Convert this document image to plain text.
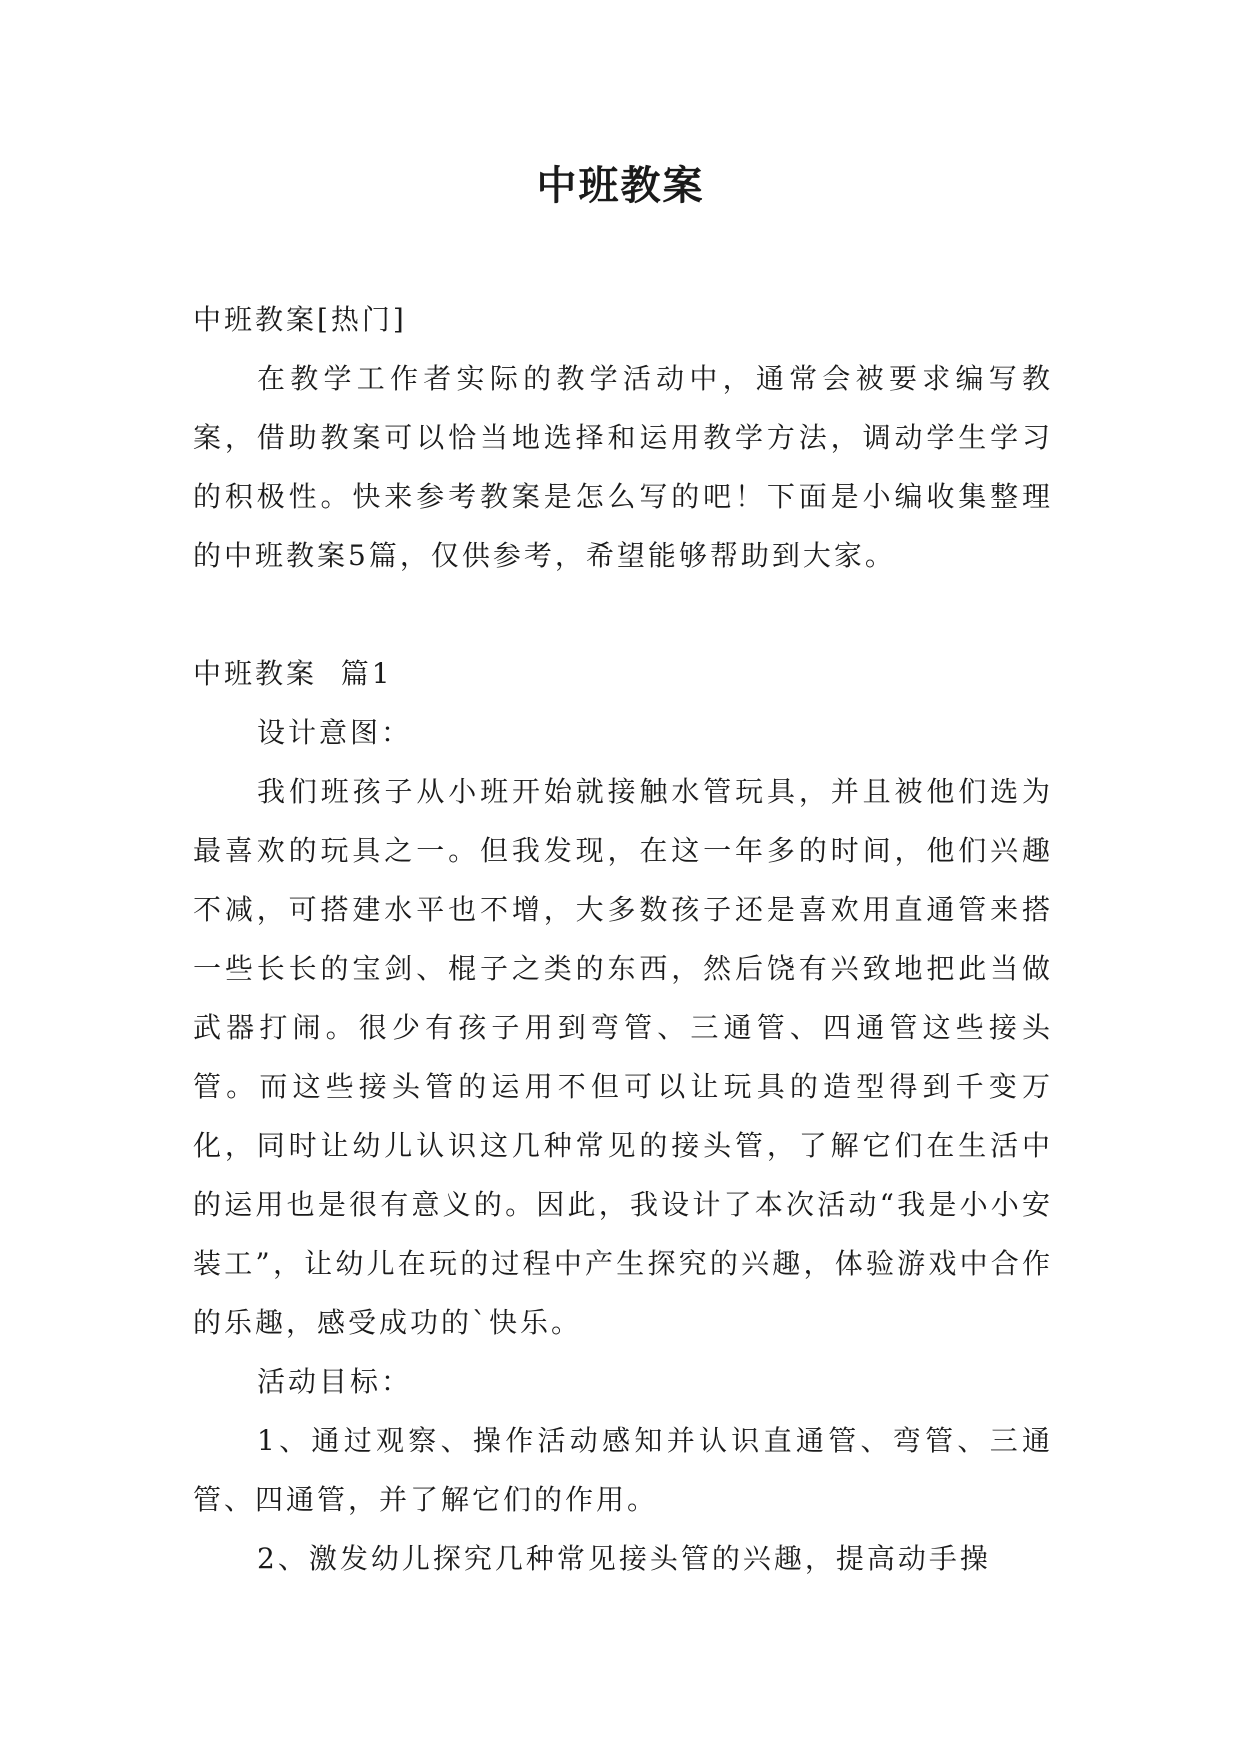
中班教案

中班教案[热门]

在教学工作者实际的教学活动中，通常会被要求编写教案，借助教案可以恰当地选择和运用教学方法，调动学生学习的积极性。快来参考教案是怎么写的吧！下面是小编收集整理的中班教案5篇，仅供参考，希望能够帮助到大家。

中班教案  篇1

设计意图：

我们班孩子从小班开始就接触水管玩具，并且被他们选为最喜欢的玩具之一。但我发现，在这一年多的时间，他们兴趣不减，可搭建水平也不增，大多数孩子还是喜欢用直通管来搭一些长长的宝剑、棍子之类的东西，然后饶有兴致地把此当做武器打闹。很少有孩子用到弯管、三通管、四通管这些接头管。而这些接头管的运用不但可以让玩具的造型得到千变万化，同时让幼儿认识这几种常见的接头管，了解它们在生活中的运用也是很有意义的。因此，我设计了本次活动“我是小小安装工”，让幼儿在玩的过程中产生探究的兴趣，体验游戏中合作的乐趣，感受成功的`快乐。

活动目标：

1、通过观察、操作活动感知并认识直通管、弯管、三通管、四通管，并了解它们的作用。

2、激发幼儿探究几种常见接头管的兴趣，提高动手操
